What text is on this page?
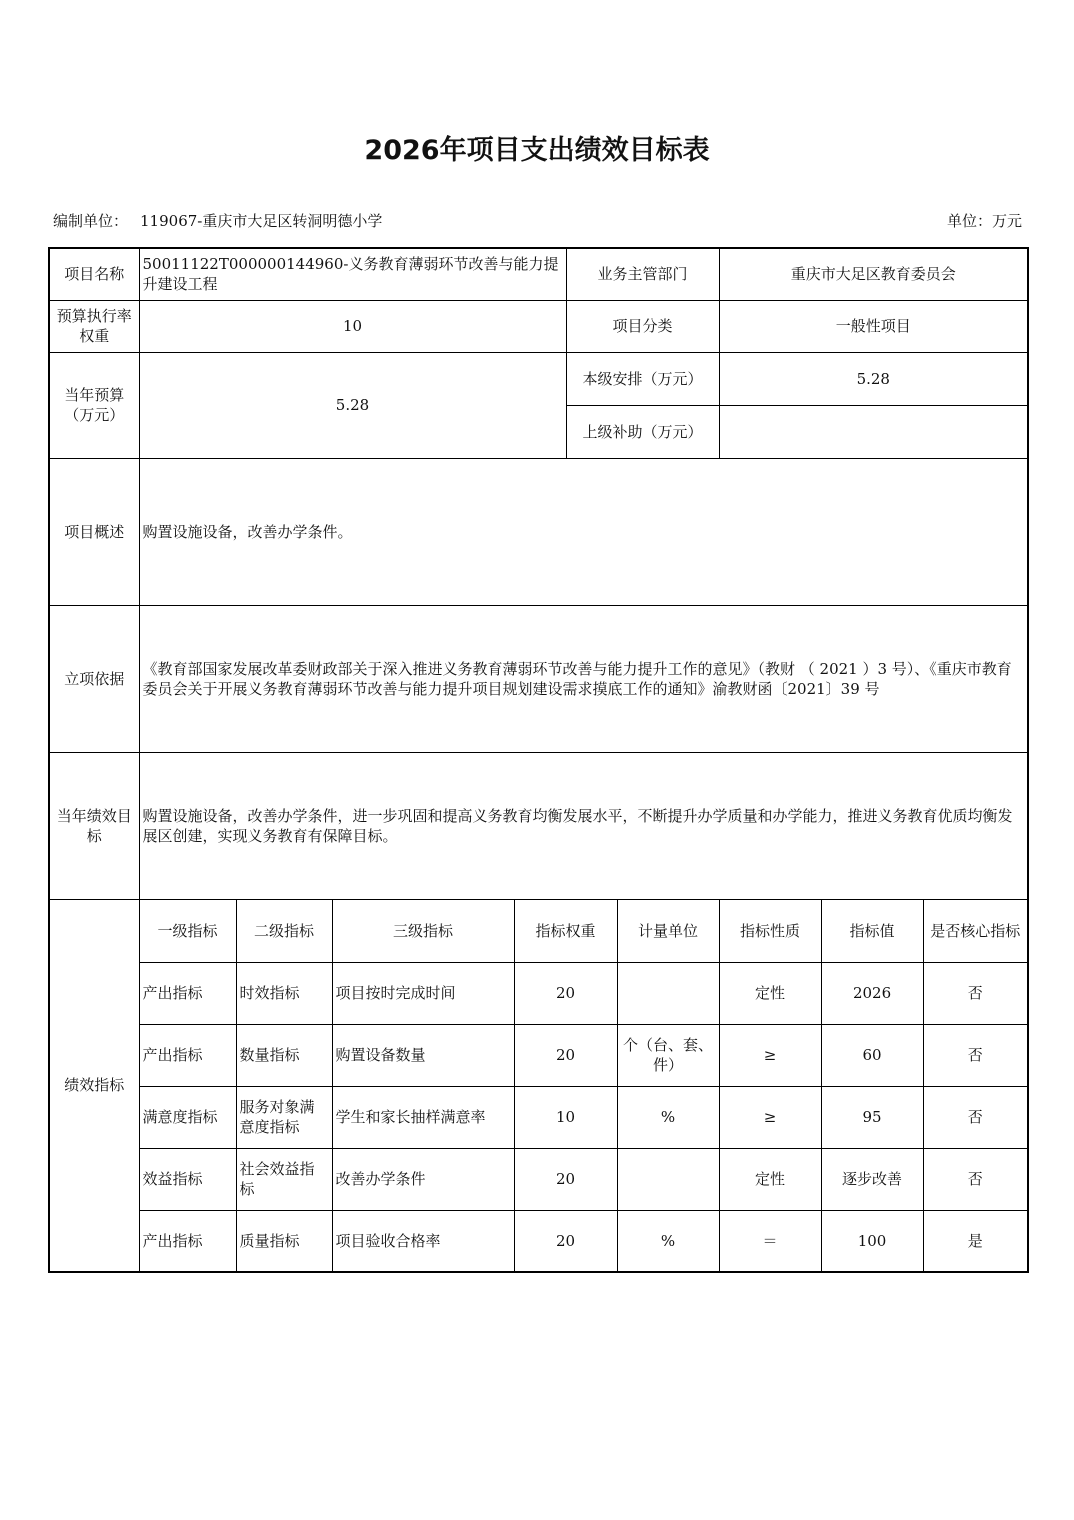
2026年项目支出绩效目标表
编制单位： 119067-重庆市大足区转洞明德小学	单位：万元
项目名称	50011122T000000144960-义务教育薄弱环节改善与能力提升建设工程				业务主管部门		重庆市大足区教育委员会		
预算执行率权重	10				项目分类		一般性项目		
当年预算（万元）	5.28				本级安排（万元）		5.28		
					上级补助（万元）				
项目概述	购置设施设备，改善办学条件。								
立项依据	《教育部国家发展改革委财政部关于深入推进义务教育薄弱环节改善与能力提升工作的意见》（教财 （ 2021 ）3 号）、《重庆市教育委员会关于开展义务教育薄弱环节改善与能力提升项目规划建设需求摸底工作的通知》渝教财函〔2021〕39 号								
当年绩效目标	购置设施设备，改善办学条件，进一步巩固和提高义务教育均衡发展水平，不断提升办学质量和办学能力，推进义务教育优质均衡发展区创建，实现义务教育有保障目标。								
绩效指标	一级指标	二级指标	三级指标	指标权重		计量单位	指标性质	指标值	是否核心指标
	产出指标	时效指标	项目按时完成时间	20			定性	2026	否
	产出指标	数量指标	购置设备数量	20		个（台、套、件）	≥	60	否
	满意度指标	服务对象满意度指标	学生和家长抽样满意率	10		%	≥	95	否
	效益指标	社会效益指标	改善办学条件	20			定性	逐步改善	否
	产出指标	质量指标	项目验收合格率	20		%	＝	100	是
